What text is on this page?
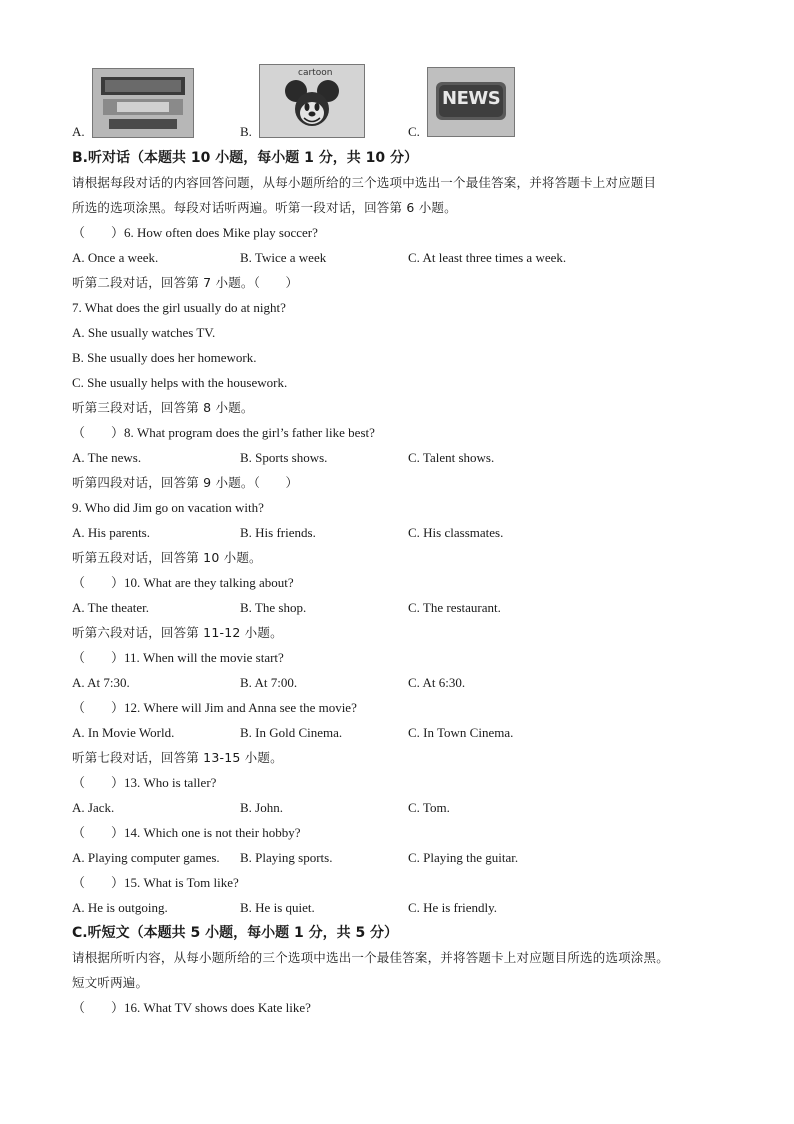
A.	B.
cartoon
C.
NEWS
B.听对话（本题共 10 小题，每小题 1 分，共 10 分）
请根据每段对话的内容回答问题，从每小题所给的三个选项中选出一个最佳答案，并将答题卡上对应题目
所选的选项涂黑。每段对话听两遍。听第一段对话，回答第 6 小题。
（　　）6. How often does Mike play soccer?
A. Once a week.	B. Twice a week	C. At least three times a week.
听第二段对话，回答第 7 小题。（　　）
7. What does the girl usually do at night?
A. She usually watches TV.
B. She usually does her homework.
C. She usually helps with the housework.
听第三段对话，回答第 8 小题。
（　　）8. What program does the girl’s father like best?
A. The news.	B. Sports shows.	C. Talent shows.
听第四段对话，回答第 9 小题。（　　）
9. Who did Jim go on vacation with?
A. His parents.	B. His friends.	C. His classmates.
听第五段对话，回答第 10 小题。
（　　）10. What are they talking about?
A. The theater.	B. The shop.	C. The restaurant.
听第六段对话，回答第 11-12 小题。
（　　）11. When will the movie start?
A. At 7:30.	B. At 7:00.	C. At 6:30.
（　　）12. Where will Jim and Anna see the movie?
A. In Movie World.	B. In Gold Cinema.	C. In Town Cinema.
听第七段对话，回答第 13-15 小题。
（　　）13. Who is taller?
A. Jack.	B. John.	C. Tom.
（　　）14. Which one is not their hobby?
A. Playing computer games. B. Playing sports.	C. Playing the guitar.
（　　）15. What is Tom like?
A. He is outgoing.	B. He is quiet.	C. He is friendly.
C.听短文（本题共 5 小题，每小题 1 分，共 5 分）
请根据所听内容，从每小题所给的三个选项中选出一个最佳答案，并将答题卡上对应题目所选的选项涂黑。
短文听两遍。
（　　）16. What TV shows does Kate like?
